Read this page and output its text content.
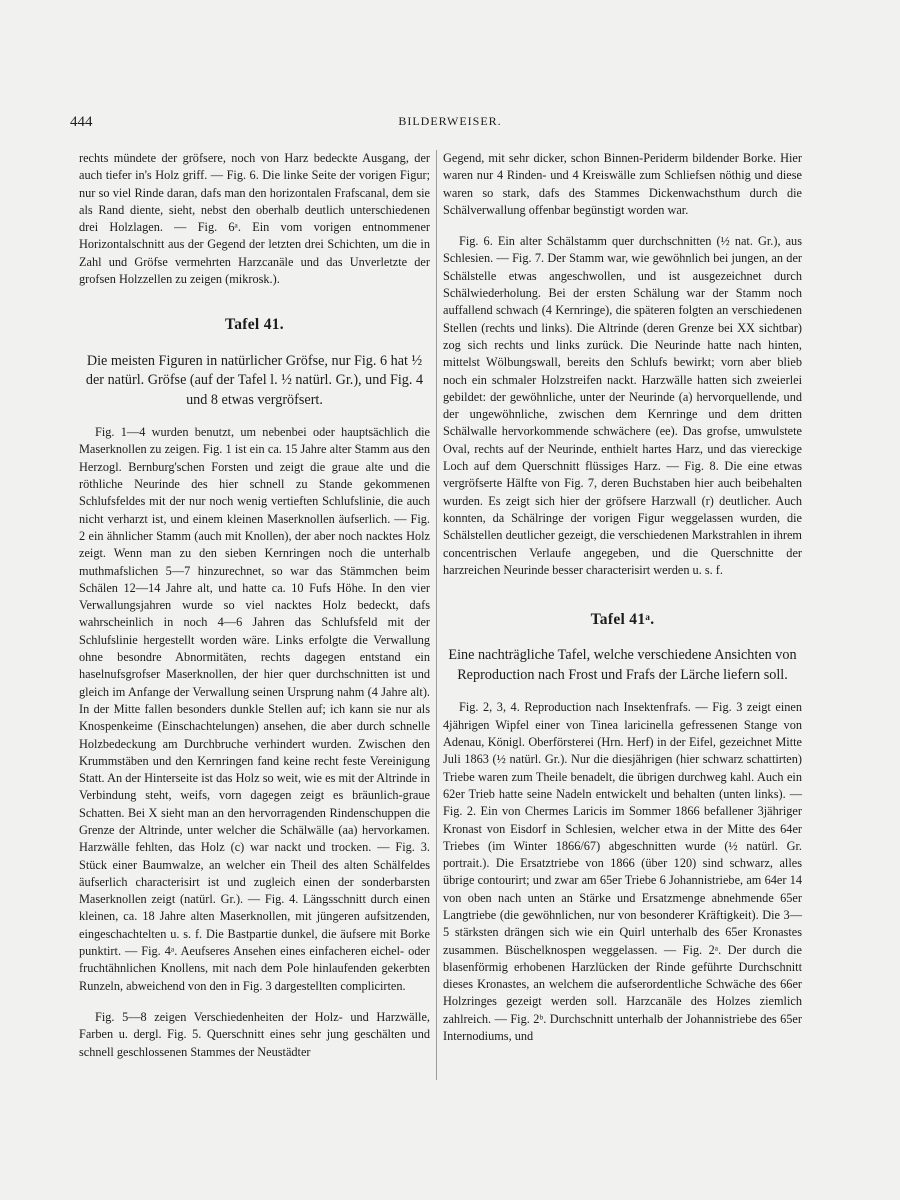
444	BILDERWEISER.

rechts mündete der gröfsere, noch von Harz bedeckte Ausgang, der auch tiefer in's Holz griff. — Fig. 6. Die linke Seite der vorigen Figur; nur so viel Rinde daran, dafs man den horizontalen Frafscanal, dem sie als Rand diente, sieht, nebst den oberhalb deutlich unterschiedenen drei Holzlagen. — Fig. 6ᵃ. Ein vom vorigen entnommener Horizontalschnitt aus der Gegend der letzten drei Schichten, um die in Zahl und Gröfse vermehrten Harzcanäle und das Unverletzte der grofsen Holzzellen zu zeigen (mikrosk.).

Tafel 41.

Die meisten Figuren in natürlicher Gröfse, nur Fig. 6 hat ½ der natürl. Gröfse (auf der Tafel l. ½ natürl. Gr.), und Fig. 4 und 8 etwas vergröfsert.

Fig. 1—4 wurden benutzt, um nebenbei oder hauptsächlich die Maserknollen zu zeigen. Fig. 1 ist ein ca. 15 Jahre alter Stamm aus den Herzogl. Bernburg'schen Forsten und zeigt die graue alte und die röthliche Neurinde des hier schnell zu Stande gekommenen Schlufsfeldes mit der nur noch wenig vertieften Schlufslinie, die auch nicht verharzt ist, und einem kleinen Maserknollen äufserlich. — Fig. 2 ein ähnlicher Stamm (auch mit Knollen), der aber noch nacktes Holz zeigt. Wenn man zu den sieben Kernringen noch die unterhalb muthmafslichen 5—7 hinzurechnet, so war das Stämmchen beim Schälen 12—14 Jahre alt, und hatte ca. 10 Fufs Höhe. In den vier Verwallungsjahren wurde so viel nacktes Holz bedeckt, dafs wahrscheinlich in noch 4—6 Jahren das Schlufsfeld mit der Schlufslinie hergestellt worden wäre. Links erfolgte die Verwallung ohne besondre Abnormitäten, rechts dagegen entstand ein haselnufsgrofser Maserknollen, der hier quer durchschnitten ist und gleich im Anfange der Verwallung seinen Ursprung nahm (4 Jahre alt). In der Mitte fallen besonders dunkle Stellen auf; ich kann sie nur als Knospenkeime (Einschachtelungen) ansehen, die aber durch schnelle Holzbedeckung am Durchbruche verhindert wurden. Zwischen den Krummstäben und den Kernringen fand keine recht feste Vereinigung Statt. An der Hinterseite ist das Holz so weit, wie es mit der Altrinde in Verbindung steht, weifs, vorn dagegen zeigt es bräunlich-graue Schatten. Bei X sieht man an den hervorragenden Rindenschuppen die Grenze der Altrinde, unter welcher die Schälwälle (aa) hervorkamen. Harzwälle fehlten, das Holz (c) war nackt und trocken. — Fig. 3. Stück einer Baumwalze, an welcher ein Theil des alten Schälfeldes äufserlich characterisirt ist und zugleich einen der sonderbarsten Maserknollen zeigt (natürl. Gr.). — Fig. 4. Längsschnitt durch einen kleinen, ca. 18 Jahre alten Maserknollen, mit jüngeren aufsitzenden, eingeschachtelten u. s. f. Die Bastpartie dunkel, die äufsere mit Borke punktirt. — Fig. 4ᵃ. Aeufseres Ansehen eines einfacheren eichel- oder fruchtähnlichen Knollens, mit nach dem Pole hinlaufenden gekerbten Runzeln, abweichend von den in Fig. 3 dargestellten complicirten.

Fig. 5—8 zeigen Verschiedenheiten der Holz- und Harzwälle, Farben u. dergl. Fig. 5. Querschnitt eines sehr jung geschälten und schnell geschlossenen Stammes der Neustädter

Gegend, mit sehr dicker, schon Binnen-Periderm bildender Borke. Hier waren nur 4 Rinden- und 4 Kreiswälle zum Schliefsen nöthig und diese waren so stark, dafs des Stammes Dickenwachsthum durch die Schälverwallung offenbar begünstigt worden war.

Fig. 6. Ein alter Schälstamm quer durchschnitten (½ nat. Gr.), aus Schlesien. — Fig. 7. Der Stamm war, wie gewöhnlich bei jungen, an der Schälstelle etwas angeschwollen, und ist ausgezeichnet durch Schälwiederholung. Bei der ersten Schälung war der Stamm noch auffallend schwach (4 Kernringe), die späteren folgten an verschiedenen Stellen (rechts und links). Die Altrinde (deren Grenze bei XX sichtbar) zog sich rechts und links zurück. Die Neurinde hatte nach hinten, mittelst Wölbungswall, bereits den Schlufs bewirkt; vorn aber blieb noch ein schmaler Holzstreifen nackt. Harzwälle hatten sich zweierlei gebildet: der gewöhnliche, unter der Neurinde (a) hervorquellende, und der ungewöhnliche, zwischen dem Kernringe und dem dritten Schälwalle hervorkommende schwächere (ee). Das grofse, umwulstete Oval, rechts auf der Neurinde, enthielt hartes Harz, und das viereckige Loch auf dem Querschnitt flüssiges Harz. — Fig. 8. Die eine etwas vergröfserte Hälfte von Fig. 7, deren Buchstaben hier auch beibehalten wurden. Es zeigt sich hier der gröfsere Harzwall (r) deutlicher. Auch konnten, da Schälringe der vorigen Figur weggelassen wurden, die Schälstellen deutlicher gezeigt, die verschiedenen Markstrahlen in ihrem concentrischen Verlaufe angegeben, und die Querschnitte der harzreichen Neurinde besser characterisirt werden u. s. f.

Tafel 41ᵃ.

Eine nachträgliche Tafel, welche verschiedene Ansichten von Reproduction nach Frost und Frafs der Lärche liefern soll.

Fig. 2, 3, 4. Reproduction nach Insektenfrafs. — Fig. 3 zeigt einen 4jährigen Wipfel einer von Tinea laricinella gefressenen Stange von Adenau, Königl. Oberförsterei (Hrn. Herf) in der Eifel, gezeichnet Mitte Juli 1863 (½ natürl. Gr.). Nur die diesjährigen (hier schwarz schattirten) Triebe waren zum Theile benadelt, die übrigen durchweg kahl. Auch ein 62er Trieb hatte seine Nadeln entwickelt und behalten (unten links). — Fig. 2. Ein von Chermes Laricis im Sommer 1866 befallener 3jähriger Kronast von Eisdorf in Schlesien, welcher etwa in der Mitte des 64er Triebes (im Winter 1866/67) abgeschnitten wurde (½ natürl. Gr. portrait.). Die Ersatztriebe von 1866 (über 120) sind schwarz, alles übrige contourirt; und zwar am 65er Triebe 6 Johannistriebe, am 64er 14 von oben nach unten an Stärke und Ersatzmenge abnehmende 65er Langtriebe (die gewöhnlichen, nur von besonderer Kräftigkeit). Die 3—5 stärksten drängen sich wie ein Quirl unterhalb des 65er Kronastes zusammen. Büschelknospen weggelassen. — Fig. 2ᵃ. Der durch die blasenförmig erhobenen Harzlücken der Rinde geführte Durchschnitt dieses Kronastes, an welchem die aufserordentliche Schwäche des 66er Holzringes gezeigt werden soll. Harzcanäle des Holzes ziemlich zahlreich. — Fig. 2ᵇ. Durchschnitt unterhalb der Johannistriebe des 65er Internodiums, und
